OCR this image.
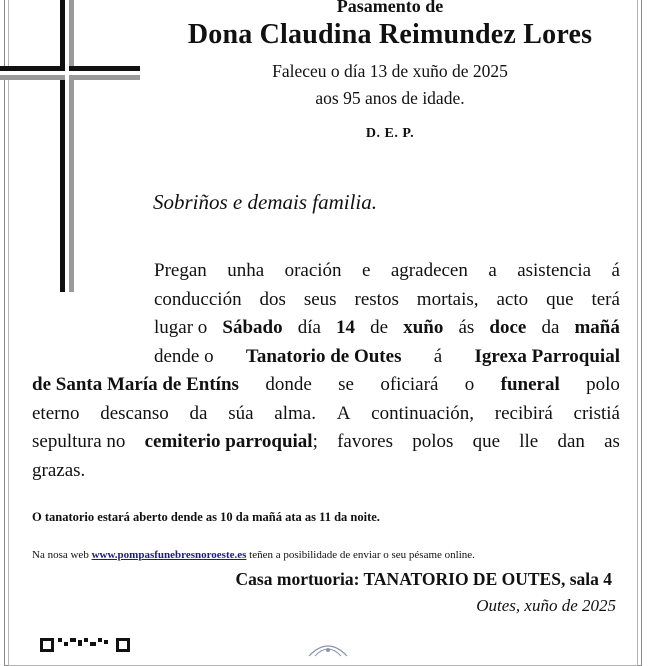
Pasamento de
Dona Claudina Reimundez Lores
Faleceu o día 13 de xuño de 2025
aos 95 anos de idade.
D. E. P.
Sobriños e demais familia.
Pregan unha oración e agradecen a asistencia á
conducción dos seus restos mortais, acto que terá
lugar o Sábado día 14 de xuño ás doce da mañá
dende o Tanatorio de Outes á Igrexa Parroquial
de Santa María de Entíns donde se oficiará o funeral polo
eterno descanso da súa alma. A continuación, recibirá cristiá
sepultura no cemiterio parroquial; favores polos que lle dan as
grazas.
O tanatorio estará aberto dende as 10 da mañá ata as 11 da noite.
Na nosa web www.pompasfunebresnoroeste.es teñen a posibilidade de enviar o seu pésame online.
Casa mortuoria: TANATORIO DE OUTES, sala 4
Outes, xuño de 2025
